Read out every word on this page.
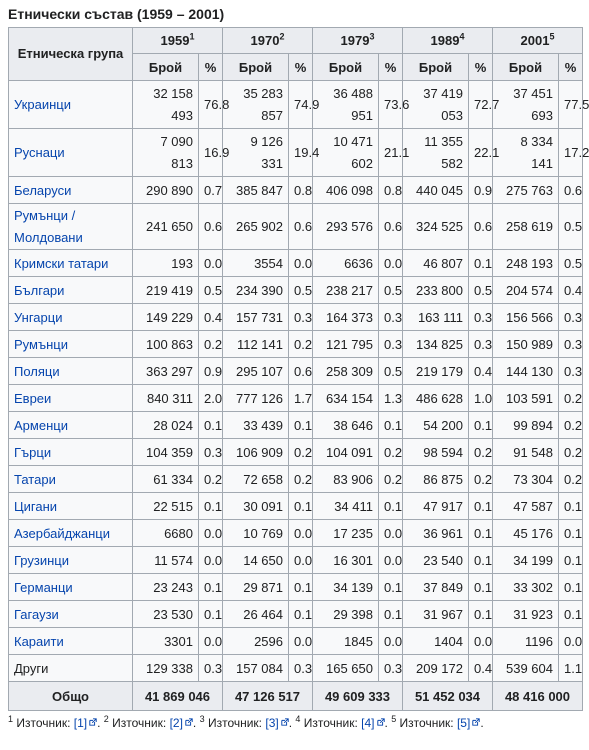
Етнически състав (1959 – 2001)
Етническа група	1959$^1$		1970$^2$		1979$^3$		1989$^4$		2001$^5$
	Брой	%	Брой	%	Брой	%	Брой	%	Брой	%
Украинци	32 158 493	76.8	35 283 857	74.9	36 488 951	73.6	37 419 053	72.7	37 451 693	77.5
Руснаци	7 090 813	16.9	9 126 331	19.4	10 471 602	21.1	11 355 582	22.1	8 334 141	17.2
Беларуси	290 890	0.7	385 847	0.8	406 098	0.8	440 045	0.9	275 763	0.6
Румънци / Молдовани	241 650	0.6	265 902	0.6	293 576	0.6	324 525	0.6	258 619	0.5
Кримски татари	193	0.0	3554	0.0	6636	0.0	46 807	0.1	248 193	0.5
Българи	219 419	0.5	234 390	0.5	238 217	0.5	233 800	0.5	204 574	0.4
Унгарци	149 229	0.4	157 731	0.3	164 373	0.3	163 111	0.3	156 566	0.3
Румънци	100 863	0.2	112 141	0.2	121 795	0.3	134 825	0.3	150 989	0.3
Поляци	363 297	0.9	295 107	0.6	258 309	0.5	219 179	0.4	144 130	0.3
Евреи	840 311	2.0	777 126	1.7	634 154	1.3	486 628	1.0	103 591	0.2
Арменци	28 024	0.1	33 439	0.1	38 646	0.1	54 200	0.1	99 894	0.2
Гърци	104 359	0.3	106 909	0.2	104 091	0.2	98 594	0.2	91 548	0.2
Татари	61 334	0.2	72 658	0.2	83 906	0.2	86 875	0.2	73 304	0.2
Цигани	22 515	0.1	30 091	0.1	34 411	0.1	47 917	0.1	47 587	0.1
Азербайджанци	6680	0.0	10 769	0.0	17 235	0.0	36 961	0.1	45 176	0.1
Грузинци	11 574	0.0	14 650	0.0	16 301	0.0	23 540	0.1	34 199	0.1
Германци	23 243	0.1	29 871	0.1	34 139	0.1	37 849	0.1	33 302	0.1
Гагаузи	23 530	0.1	26 464	0.1	29 398	0.1	31 967	0.1	31 923	0.1
Караити	3301	0.0	2596	0.0	1845	0.0	1404	0.0	1196	0.0
Други	129 338	0.3	157 084	0.3	165 650	0.3	209 172	0.4	539 604	1.1
Общо	41 869 046		47 126 517		49 609 333		51 452 034		48 416 000	
$^1$ Източник: [1] . $^2$ Източник: [2] . $^3$ Източник: [3] . $^4$ Източник: [4] . $^5$ Източник: [5] .
